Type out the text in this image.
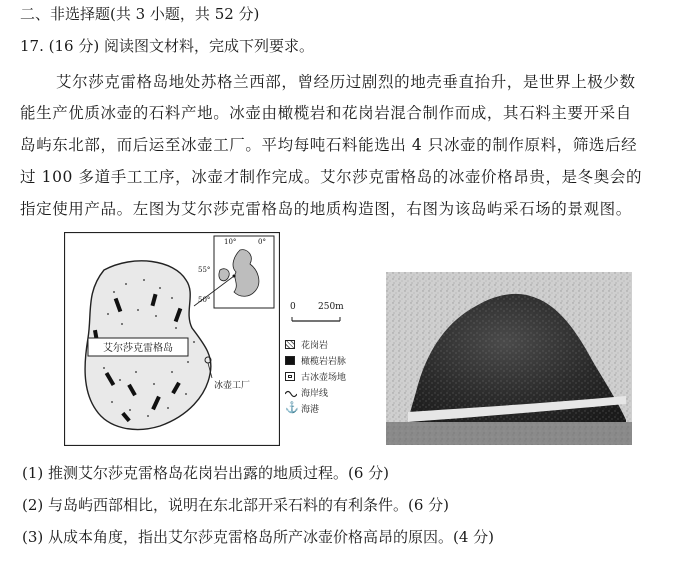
二、非选择题(共 3 小题，共 52 分)
17. (16 分) 阅读图文材料，完成下列要求。
艾尔莎克雷格岛地处苏格兰西部，曾经历过剧烈的地壳垂直抬升，是世界上极少数
能生产优质冰壶的石料产地。冰壶由橄榄岩和花岗岩混合制作而成，其石料主要开采自
岛屿东北部，而后运至冰壶工厂。平均每吨石料能选出 4 只冰壶的制作原料，筛选后经
过 100 多道手工工序，冰壶才制作完成。艾尔莎克雷格岛的冰壶价格昂贵，是冬奥会的
指定使用产品。左图为艾尔莎克雷格岛的地质构造图，右图为该岛屿采石场的景观图。
艾尔莎克雷格岛
10°	0°
55°
50°
冰壶工厂
0 250m
花岗岩
橄榄岩岩脉
古冰壶场地
海岸线
⚓ 海港
(1) 推测艾尔莎克雷格岛花岗岩出露的地质过程。(6 分)
(2) 与岛屿西部相比，说明在东北部开采石料的有利条件。(6 分)
(3) 从成本角度，指出艾尔莎克雷格岛所产冰壶价格高昂的原因。(4 分)
